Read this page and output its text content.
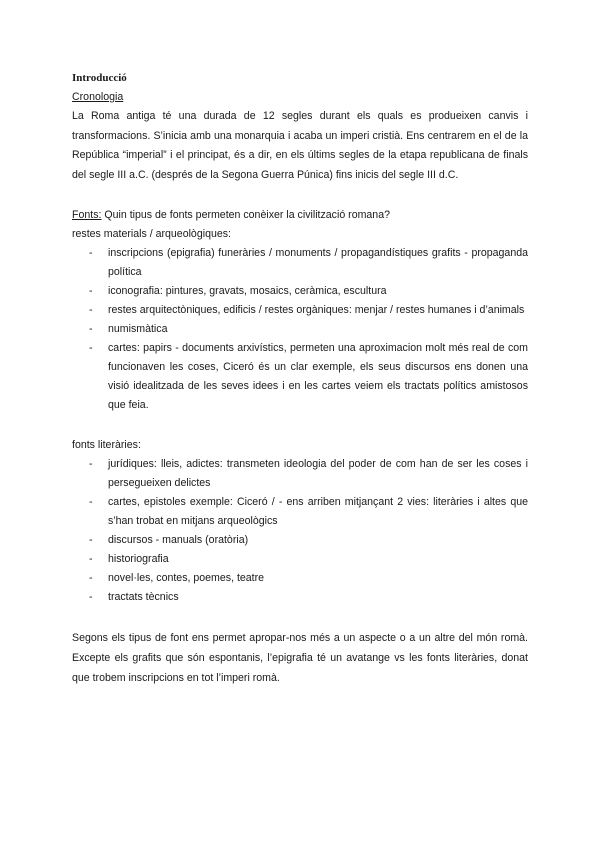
Introducció
Cronologia

La Roma antiga té una durada de 12 segles durant els quals es produeixen canvis i transformacions. S’inicia amb una monarquia i acaba un imperi cristià. Ens centrarem en el de la República “imperial” i el principat, és a dir, en els últims segles de la etapa republicana de finals del segle III a.C. (després de la Segona Guerra Púnica) fins inicis del segle III d.C.

Fonts: Quin tipus de fonts permeten conèixer la civilització romana?

restes materials / arqueològiques:

- inscripcions (epigrafia) funeràries / monuments / propagandístiques grafits - propaganda política
- iconografia: pintures, gravats, mosaics, ceràmica, escultura
- restes arquitectòniques, edificis / restes orgàniques: menjar / restes humanes i d’animals
- numismàtica
- cartes: papirs - documents arxivístics, permeten una aproximacion molt més real de com funcionaven les coses, Ciceró és un clar exemple, els seus discursos ens donen una visió idealitzada de les seves idees i en les cartes veiem els tractats polítics amistosos que feia.

fonts literàries:

- jurídiques: lleis, adictes: transmeten ideologia del poder de com han de ser les coses i persegueixen delictes
- cartes, epistoles exemple: Ciceró / - ens arriben mitjançant 2 vies: literàries i altes que s’han trobat en mitjans arqueològics
- discursos - manuals (oratòria)
- historiografia
- novel·les, contes, poemes, teatre
- tractats tècnics

Segons els tipus de font ens permet apropar-nos més a un aspecte o a un altre del món romà. Excepte els grafits que són espontanis, l’epigrafia té un avatange vs les fonts literàries, donat que trobem inscripcions en tot l’imperi romà.
